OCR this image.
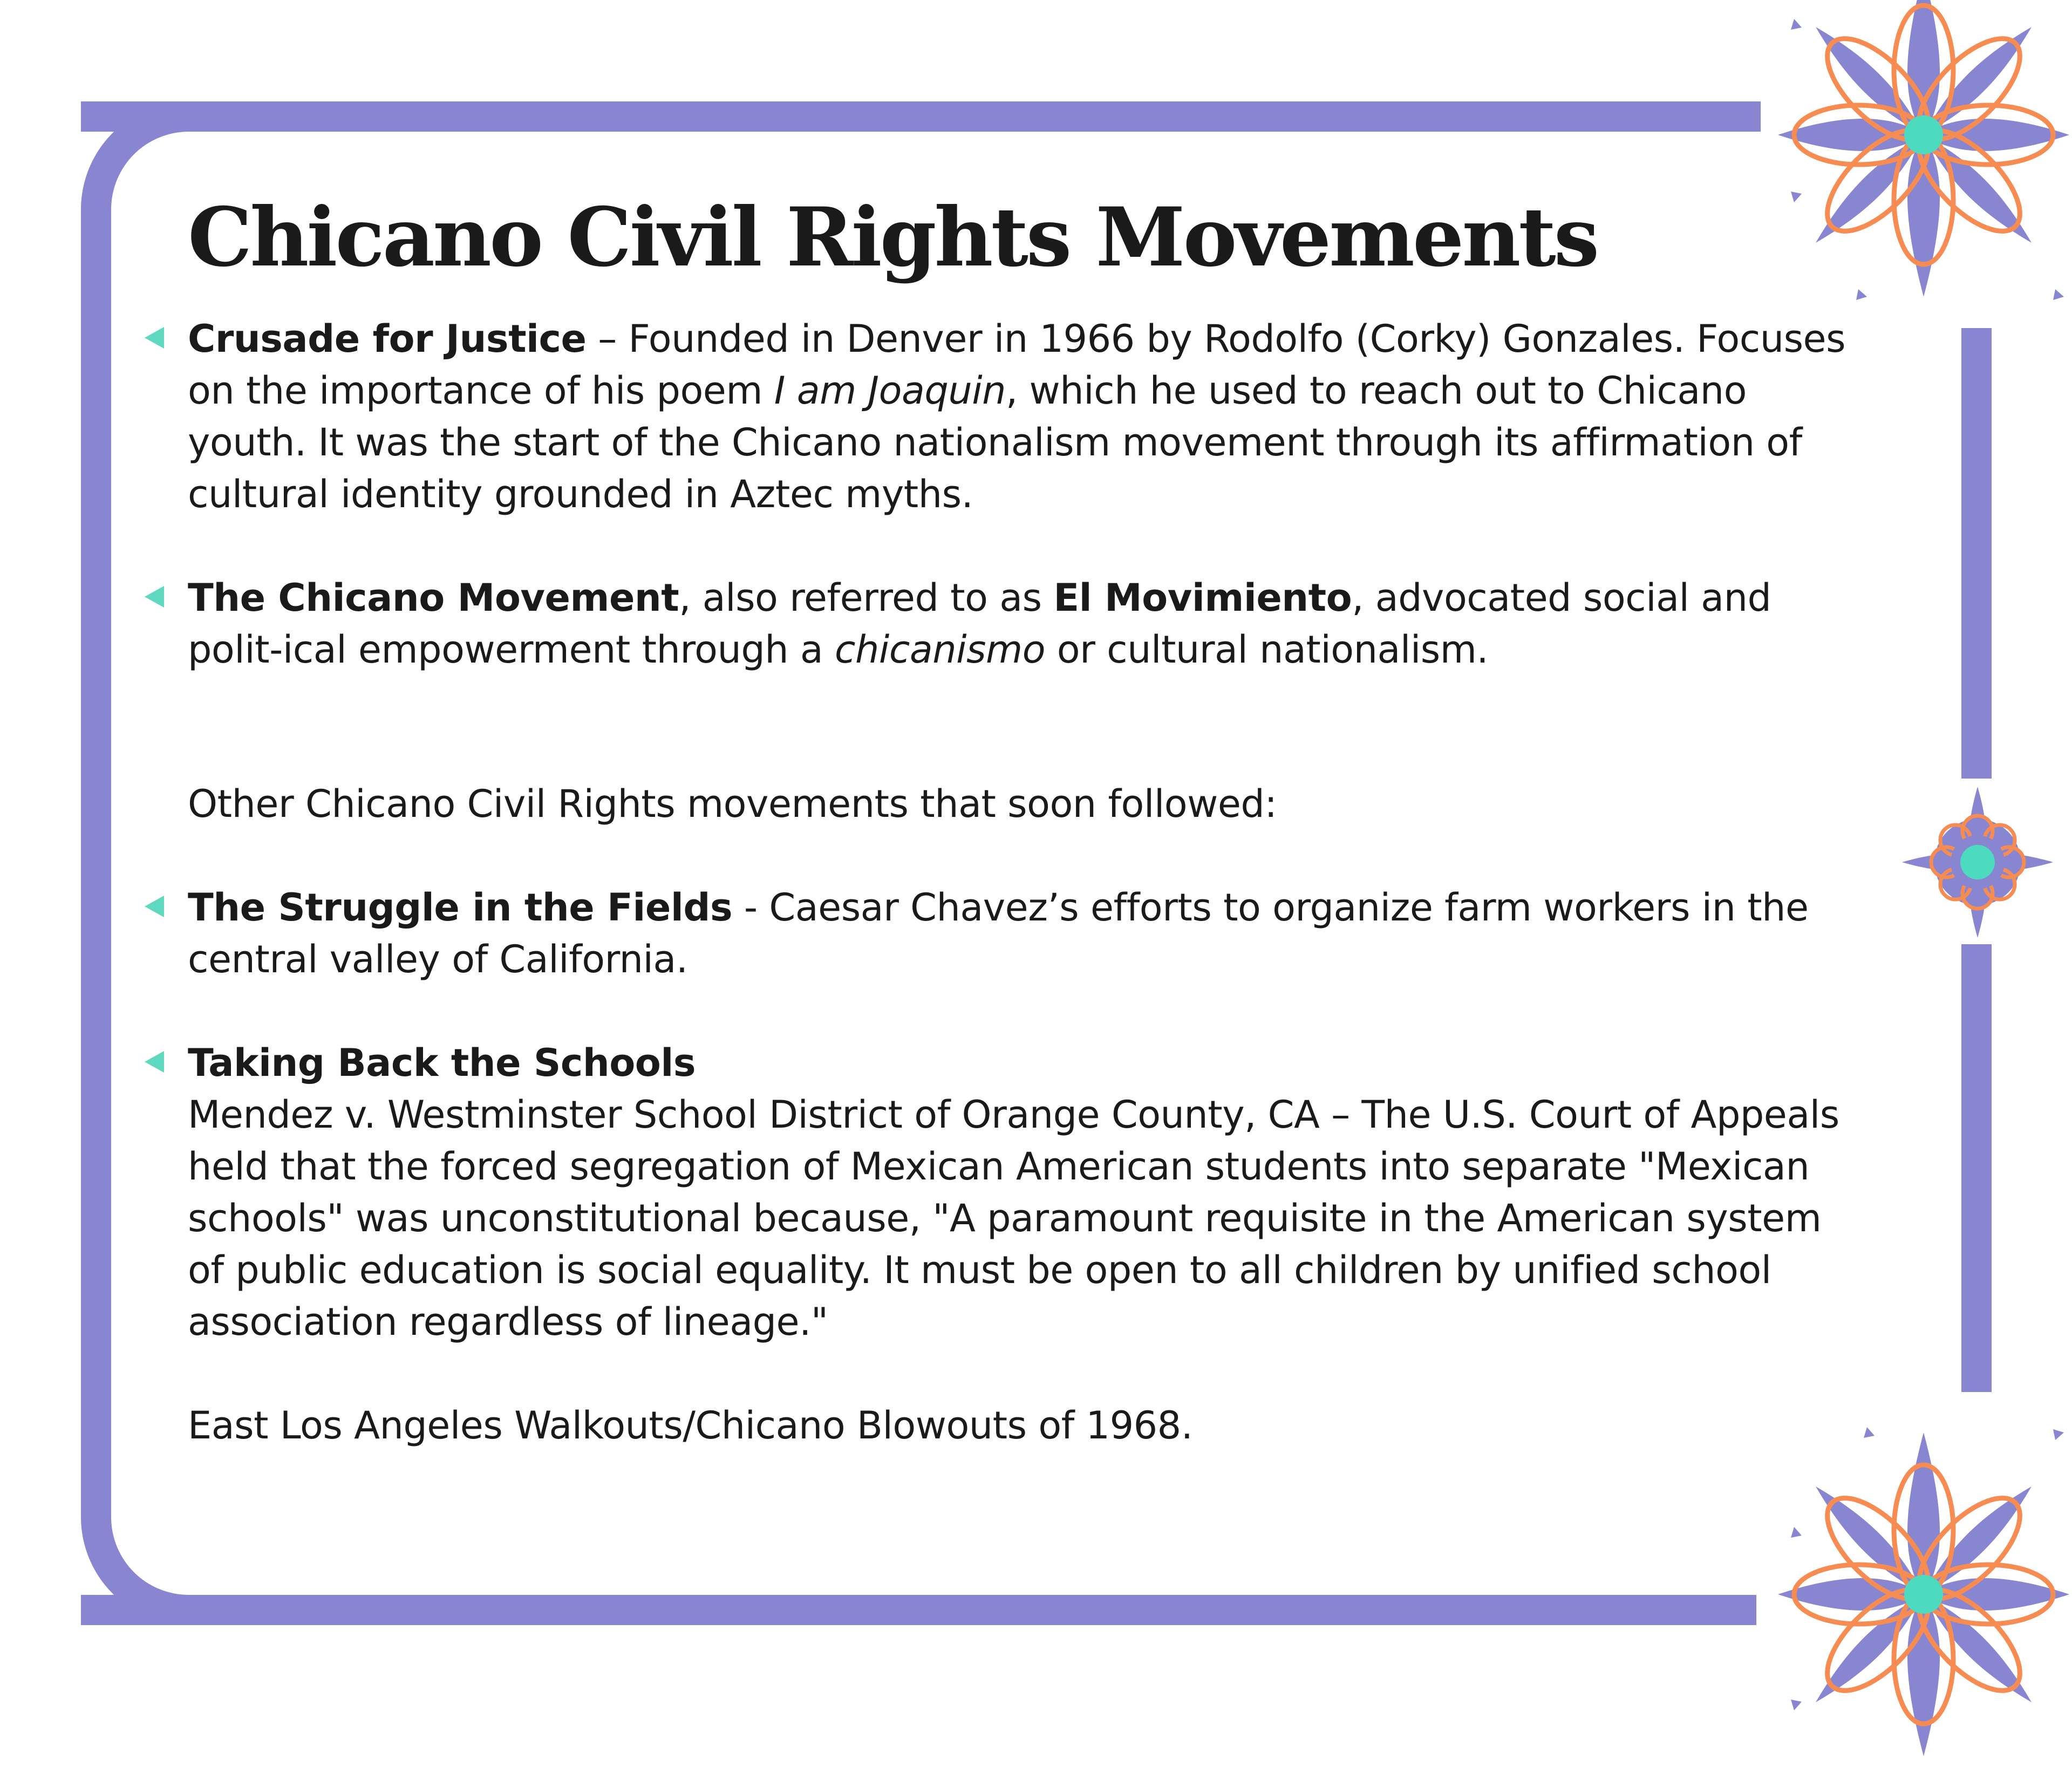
Chicano Civil Rights Movements

Crusade for Justice – Founded in Denver in 1966 by Rodolfo (Corky) Gonzales. Focuses on the importance of his poem I am Joaquin, which he used to reach out to Chicano youth. It was the start of the Chicano nationalism movement through its affirmation of cultural identity grounded in Aztec myths.

The Chicano Movement, also referred to as El Movimiento, advocated social and polit-ical empowerment through a chicanismo or cultural nationalism.

Other Chicano Civil Rights movements that soon followed:

The Struggle in the Fields - Caesar Chavez’s efforts to organize farm workers in the central valley of California.

Taking Back the Schools

Mendez v. Westminster School District of Orange County, CA – The U.S. Court of Appeals held that the forced segregation of Mexican American students into separate "Mexican schools" was unconstitutional because, "A paramount requisite in the American system of public education is social equality. It must be open to all children by unified school association regardless of lineage."

East Los Angeles Walkouts/Chicano Blowouts of 1968.
